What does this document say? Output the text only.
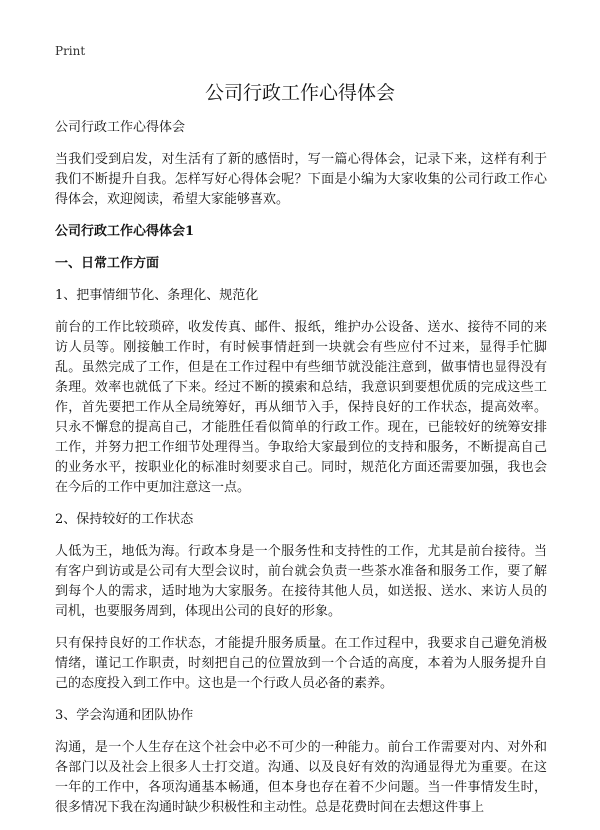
Print
公司行政工作心得体会

公司行政工作心得体会

当我们受到启发，对生活有了新的感悟时，写一篇心得体会，记录下来，这样有利于我们不断提升自我。怎样写好心得体会呢？下面是小编为大家收集的公司行政工作心得体会，欢迎阅读，希望大家能够喜欢。

公司行政工作心得体会1

一、日常工作方面

1、把事情细节化、条理化、规范化

前台的工作比较琐碎，收发传真、邮件、报纸，维护办公设备、送水、接待不同的来访人员等。刚接触工作时，有时候事情赶到一块就会有些应付不过来，显得手忙脚乱。虽然完成了工作，但是在工作过程中有些细节就没能注意到，做事情也显得没有条理。效率也就低了下来。经过不断的摸索和总结，我意识到要想优质的完成这些工作，首先要把工作从全局统筹好，再从细节入手，保持良好的工作状态，提高效率。只永不懈怠的提高自己，才能胜任看似简单的行政工作。现在，已能较好的统筹安排工作，并努力把工作细节处理得当。争取给大家最到位的支持和服务，不断提高自己的业务水平，按职业化的标准时刻要求自己。同时，规范化方面还需要加强，我也会在今后的工作中更加注意这一点。

2、保持较好的工作状态

人低为王，地低为海。行政本身是一个服务性和支持性的工作，尤其是前台接待。当有客户到访或是公司有大型会议时，前台就会负责一些茶水准备和服务工作，要了解到每个人的需求，适时地为大家服务。在接待其他人员，如送报、送水、来访人员的司机，也要服务周到，体现出公司的良好的形象。

只有保持良好的工作状态，才能提升服务质量。在工作过程中，我要求自己避免消极情绪，谨记工作职责，时刻把自己的位置放到一个合适的高度，本着为人服务提升自己的态度投入到工作中。这也是一个行政人员必备的素养。

3、学会沟通和团队协作

沟通，是一个人生存在这个社会中必不可少的一种能力。前台工作需要对内、对外和各部门以及社会上很多人士打交道。沟通、以及良好有效的沟通显得尤为重要。在这一年的工作中，各项沟通基本畅通，但本身也存在着不少问题。当一件事情发生时，很多情况下我在沟通时缺少积极性和主动性。总是花费时间在去想这件事上
